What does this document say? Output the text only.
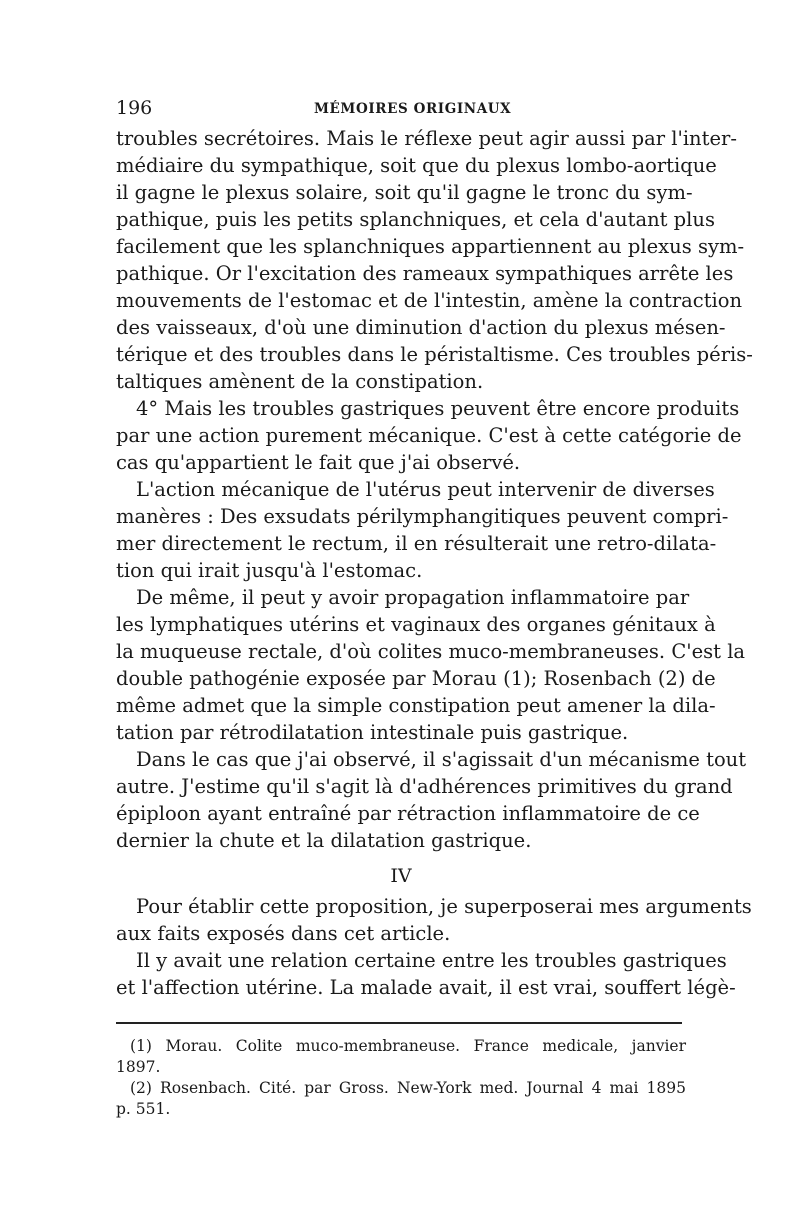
196	MÉMOIRES ORIGINAUX
troubles secrétoires. Mais le réflexe peut agir aussi par l'inter-
médiaire du sympathique, soit que du plexus lombo-aortique
il gagne le plexus solaire, soit qu'il gagne le tronc du sym-
pathique, puis les petits splanchniques, et cela d'autant plus
facilement que les splanchniques appartiennent au plexus sym-
pathique. Or l'excitation des rameaux sympathiques arrête les
mouvements de l'estomac et de l'intestin, amène la contraction
des vaisseaux, d'où une diminution d'action du plexus mésen-
térique et des troubles dans le péristaltisme. Ces troubles péris-
taltiques amènent de la constipation.
4° Mais les troubles gastriques peuvent être encore produits
par une action purement mécanique. C'est à cette catégorie de
cas qu'appartient le fait que j'ai observé.
L'action mécanique de l'utérus peut intervenir de diverses
manères : Des exsudats périlymphangitiques peuvent compri-
mer directement le rectum, il en résulterait une retro-dilata-
tion qui irait jusqu'à l'estomac.
De même, il peut y avoir propagation inflammatoire par
les lymphatiques utérins et vaginaux des organes génitaux à
la muqueuse rectale, d'où colites muco-membraneuses. C'est la
double pathogénie exposée par Morau (1); Rosenbach (2) de
même admet que la simple constipation peut amener la dila-
tation par rétrodilatation intestinale puis gastrique.
Dans le cas que j'ai observé, il s'agissait d'un mécanisme tout
autre. J'estime qu'il s'agit là d'adhérences primitives du grand
épiploon ayant entraîné par rétraction inflammatoire de ce
dernier la chute et la dilatation gastrique.
IV
Pour établir cette proposition, je superposerai mes arguments
aux faits exposés dans cet article.
Il y avait une relation certaine entre les troubles gastriques
et l'affection utérine. La malade avait, il est vrai, souffert légè-
(1) Morau. Colite muco-membraneuse. France medicale, janvier
1897.
(2) Rosenbach. Cité. par Gross. New-York med. Journal 4 mai 1895
p. 551.
